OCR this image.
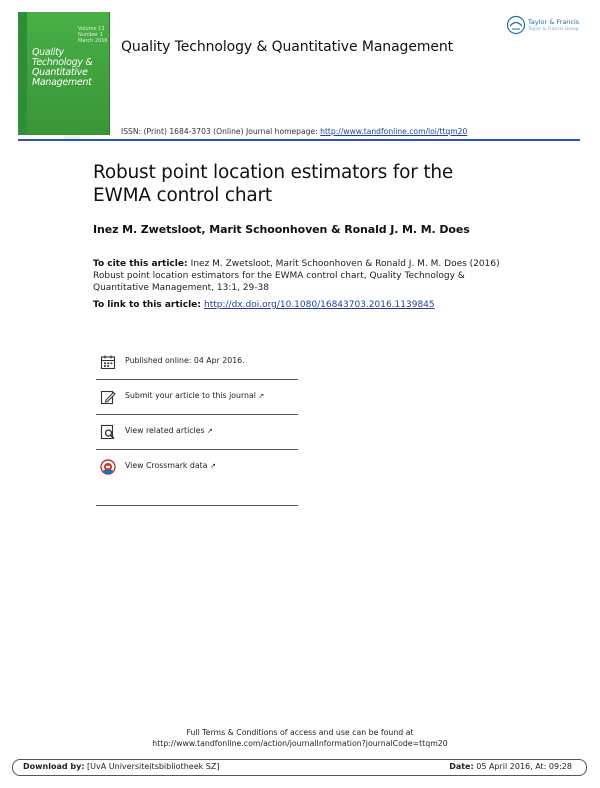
Volume 13 Number 1 March 2016
Quality Technology & Quantitative Management
Quality Technology & Quantitative Management
ISSN: (Print) 1684-3703 (Online) Journal homepage: http://www.tandfonline.com/loi/ttqm20
Taylor & Francis
Taylor & Francis Group
Robust point location estimators for the EWMA control chart
Inez M. Zwetsloot, Marit Schoonhoven & Ronald J. M. M. Does
To cite this article: Inez M. Zwetsloot, Marit Schoonhoven & Ronald J. M. M. Does (2016) Robust point location estimators for the EWMA control chart, Quality Technology & Quantitative Management, 13:1, 29-38
To link to this article: http://dx.doi.org/10.1080/16843703.2016.1139845
Published online: 04 Apr 2016.
Submit your article to this journal ↗
View related articles ↗
View Crossmark data ↗
Full Terms & Conditions of access and use can be found at
http://www.tandfonline.com/action/journalInformation?journalCode=ttqm20
Download by: [UvA Universiteitsbibliotheek SZ]	Date: 05 April 2016, At: 09:28
